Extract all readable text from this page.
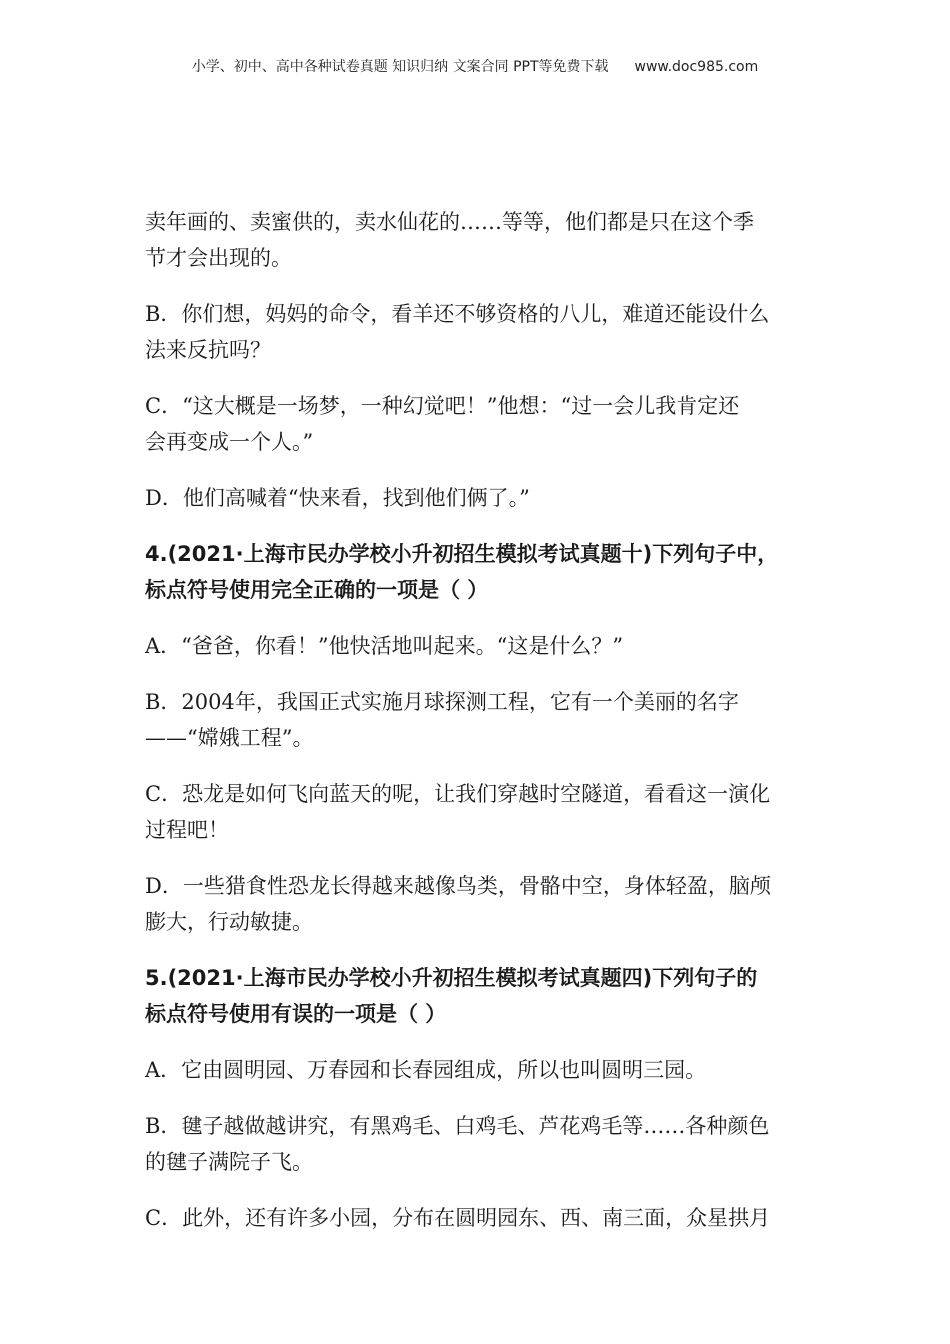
小学、初中、高中各种试卷真题 知识归纳 文案合同 PPT等免费下载 www.doc985.com
卖年画的、卖蜜供的，卖水仙花的……等等，他们都是只在这个季
节才会出现的。
B．你们想，妈妈的命令，看羊还不够资格的八儿，难道还能设什么
法来反抗吗？
C．“这大概是一场梦，一种幻觉吧！”他想：“过一会儿我肯定还
会再变成一个人。”
D．他们高喊着“快来看，找到他们俩了。”
4.(2021·上海市民办学校小升初招生模拟考试真题十)下列句子中，
标点符号使用完全正确的一项是（ ）
A．“爸爸，你看！”他快活地叫起来。“这是什么？”
B．2004年，我国正式实施月球探测工程，它有一个美丽的名字
——“嫦娥工程”。
C．恐龙是如何飞向蓝天的呢，让我们穿越时空隧道，看看这一演化
过程吧！
D．一些猎食性恐龙长得越来越像鸟类，骨骼中空，身体轻盈，脑颅
膨大，行动敏捷。
5.(2021·上海市民办学校小升初招生模拟考试真题四)下列句子的
标点符号使用有误的一项是（ ）
A．它由圆明园、万春园和长春园组成，所以也叫圆明三园。
B．毽子越做越讲究，有黑鸡毛、白鸡毛、芦花鸡毛等……各种颜色
的毽子满院子飞。
C．此外，还有许多小园，分布在圆明园东、西、南三面，众星拱月
